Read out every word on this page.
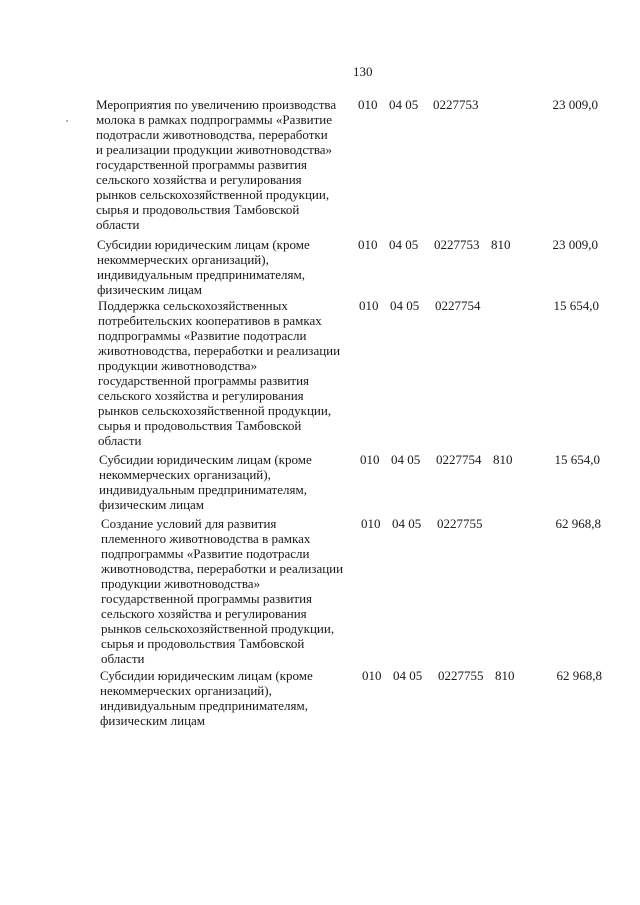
130
Мероприятия по увеличению производства
молока в рамках подпрограммы «Развитие
подотрасли животноводства, переработки
и реализации продукции животноводства»
государственной программы развития
сельского хозяйства и регулирования
рынков сельскохозяйственной продукции,
сырья и продовольствия Тамбовской
области
010 04 05 0227753	23 009,0
Субсидии юридическим лицам (кроме
некоммерческих организаций),
индивидуальным предпринимателям,
физическим лицам
010 04 05 0227753 810	23 009,0
Поддержка сельскохозяйственных
потребительских кооперативов в рамках
подпрограммы «Развитие подотрасли
животноводства, переработки и реализации
продукции животноводства»
государственной программы развития
сельского хозяйства и регулирования
рынков сельскохозяйственной продукции,
сырья и продовольствия Тамбовской
области
010 04 05 0227754	15 654,0
Субсидии юридическим лицам (кроме
некоммерческих организаций),
индивидуальным предпринимателям,
физическим лицам
010 04 05 0227754 810	15 654,0
Создание условий для развития
племенного животноводства в рамках
подпрограммы «Развитие подотрасли
животноводства, переработки и реализации
продукции животноводства»
государственной программы развития
сельского хозяйства и регулирования
рынков сельскохозяйственной продукции,
сырья и продовольствия Тамбовской
области
010 04 05 0227755	62 968,8
Субсидии юридическим лицам (кроме
некоммерческих организаций),
индивидуальным предпринимателям,
физическим лицам
010 04 05 0227755 810	62 968,8
